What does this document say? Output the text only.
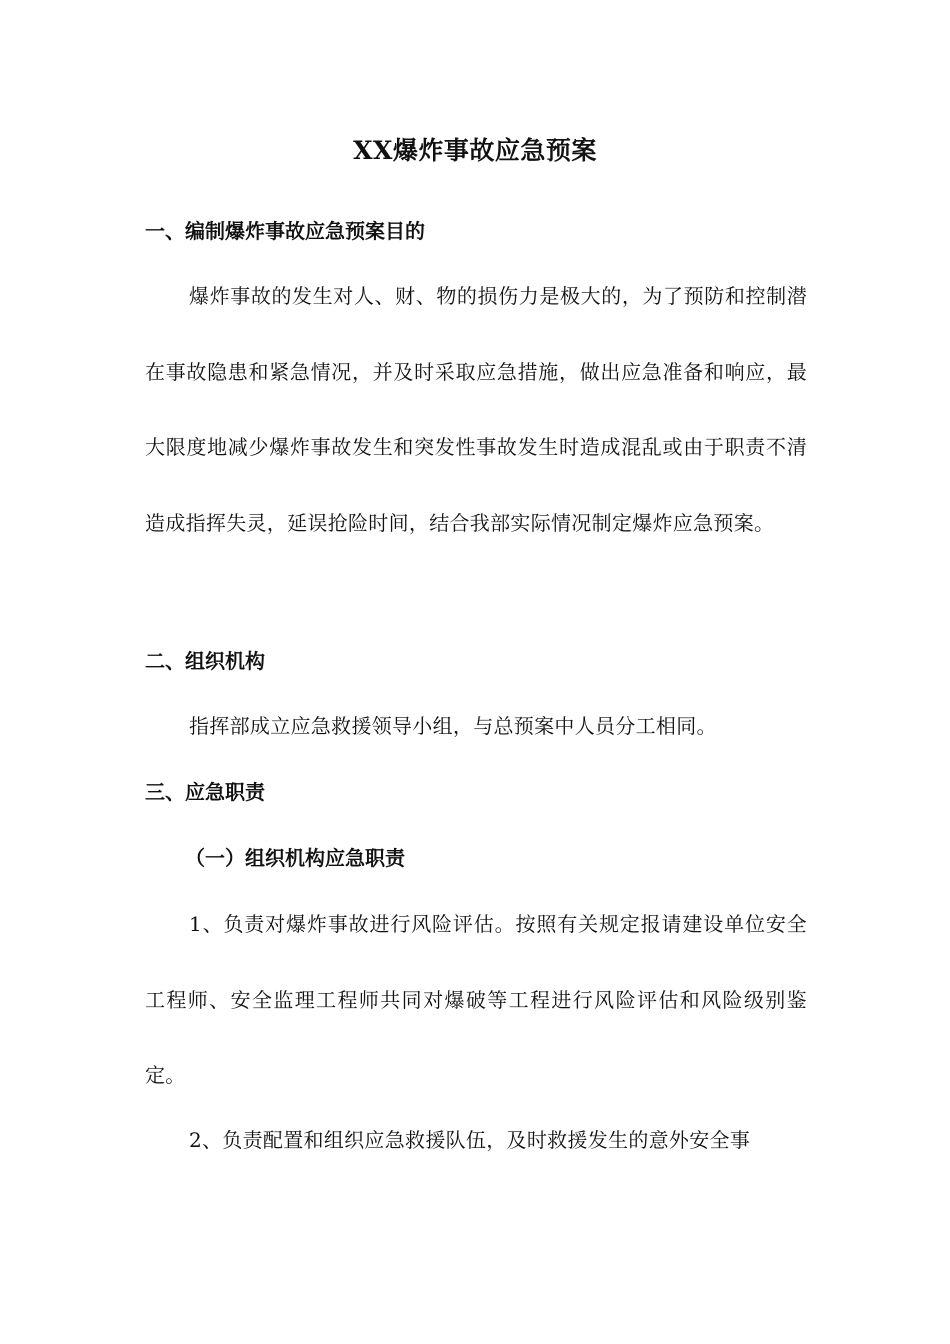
XX爆炸事故应急预案
一、编制爆炸事故应急预案目的

爆炸事故的发生对人、财、物的损伤力是极大的，为了预防和控制潜在事故隐患和紧急情况，并及时采取应急措施，做出应急准备和响应，最大限度地减少爆炸事故发生和突发性事故发生时造成混乱或由于职责不清造成指挥失灵，延误抢险时间，结合我部实际情况制定爆炸应急预案。

二、组织机构

指挥部成立应急救援领导小组，与总预案中人员分工相同。

三、应急职责
（一）组织机构应急职责

1、负责对爆炸事故进行风险评估。按照有关规定报请建设单位安全工程师、安全监理工程师共同对爆破等工程进行风险评估和风险级别鉴定。

2、负责配置和组织应急救援队伍，及时救援发生的意外安全事
